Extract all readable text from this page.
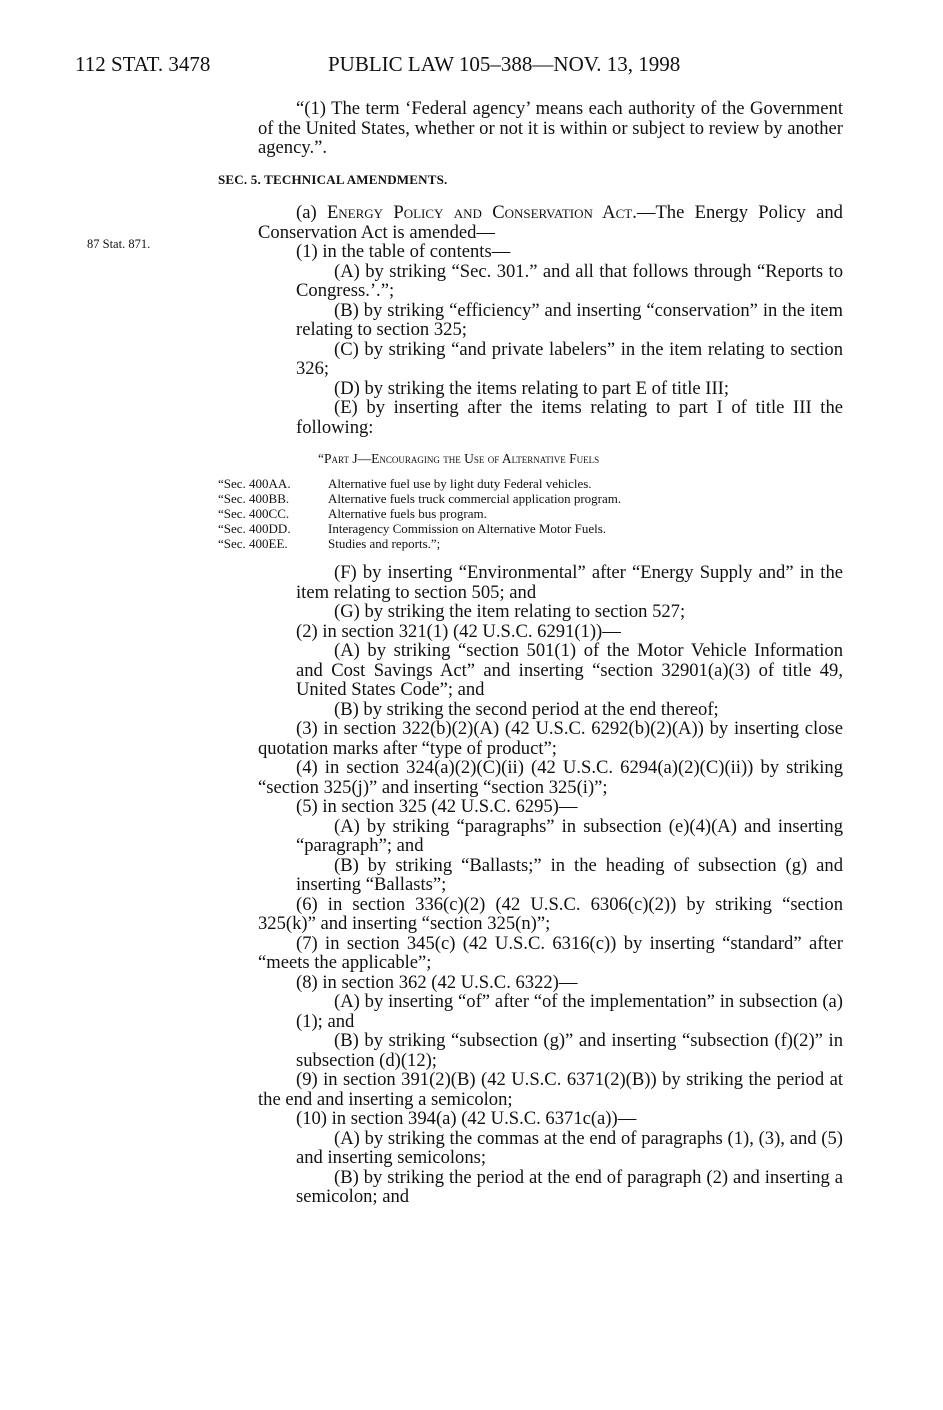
112 STAT. 3478	PUBLIC LAW 105–388—NOV. 13, 1998
87 Stat. 871.

“(1) The term ‘Federal agency’ means each authority of the Government of the United States, whether or not it is within or subject to review by another agency.”.

SEC. 5. TECHNICAL AMENDMENTS.

(a) Energy Policy and Conservation Act.—The Energy Policy and Conservation Act is amended—

(1) in the table of contents—

(A) by striking “Sec. 301.” and all that follows through “Reports to Congress.’.”;

(B) by striking “efficiency” and inserting “conservation” in the item relating to section 325;

(C) by striking “and private labelers” in the item relating to section 326;

(D) by striking the items relating to part E of title III;

(E) by inserting after the items relating to part I of title III the following:

“Part J—Encouraging the Use of Alternative Fuels
“Sec. 400AA.	Alternative fuel use by light duty Federal vehicles.
“Sec. 400BB.	Alternative fuels truck commercial application program.
“Sec. 400CC.	Alternative fuels bus program.
“Sec. 400DD.	Interagency Commission on Alternative Motor Fuels.
“Sec. 400EE.	Studies and reports.”;

(F) by inserting “Environmental” after “Energy Supply and” in the item relating to section 505; and

(G) by striking the item relating to section 527;

(2) in section 321(1) (42 U.S.C. 6291(1))—

(A) by striking “section 501(1) of the Motor Vehicle Information and Cost Savings Act” and inserting “section 32901(a)(3) of title 49, United States Code”; and

(B) by striking the second period at the end thereof;

(3) in section 322(b)(2)(A) (42 U.S.C. 6292(b)(2)(A)) by inserting close quotation marks after “type of product”;

(4) in section 324(a)(2)(C)(ii) (42 U.S.C. 6294(a)(2)(C)(ii)) by striking “section 325(j)” and inserting “section 325(i)”;

(5) in section 325 (42 U.S.C. 6295)—

(A) by striking “paragraphs” in subsection (e)(4)(A) and inserting “paragraph”; and

(B) by striking “Ballasts;” in the heading of subsection (g) and inserting “Ballasts”;

(6) in section 336(c)(2) (42 U.S.C. 6306(c)(2)) by striking “section 325(k)” and inserting “section 325(n)”;

(7) in section 345(c) (42 U.S.C. 6316(c)) by inserting “standard” after “meets the applicable”;

(8) in section 362 (42 U.S.C. 6322)—

(A) by inserting “of” after “of the implementation” in subsection (a)(1); and

(B) by striking “subsection (g)” and inserting “subsection (f)(2)” in subsection (d)(12);

(9) in section 391(2)(B) (42 U.S.C. 6371(2)(B)) by striking the period at the end and inserting a semicolon;

(10) in section 394(a) (42 U.S.C. 6371c(a))—

(A) by striking the commas at the end of paragraphs (1), (3), and (5) and inserting semicolons;

(B) by striking the period at the end of paragraph (2) and inserting a semicolon; and
